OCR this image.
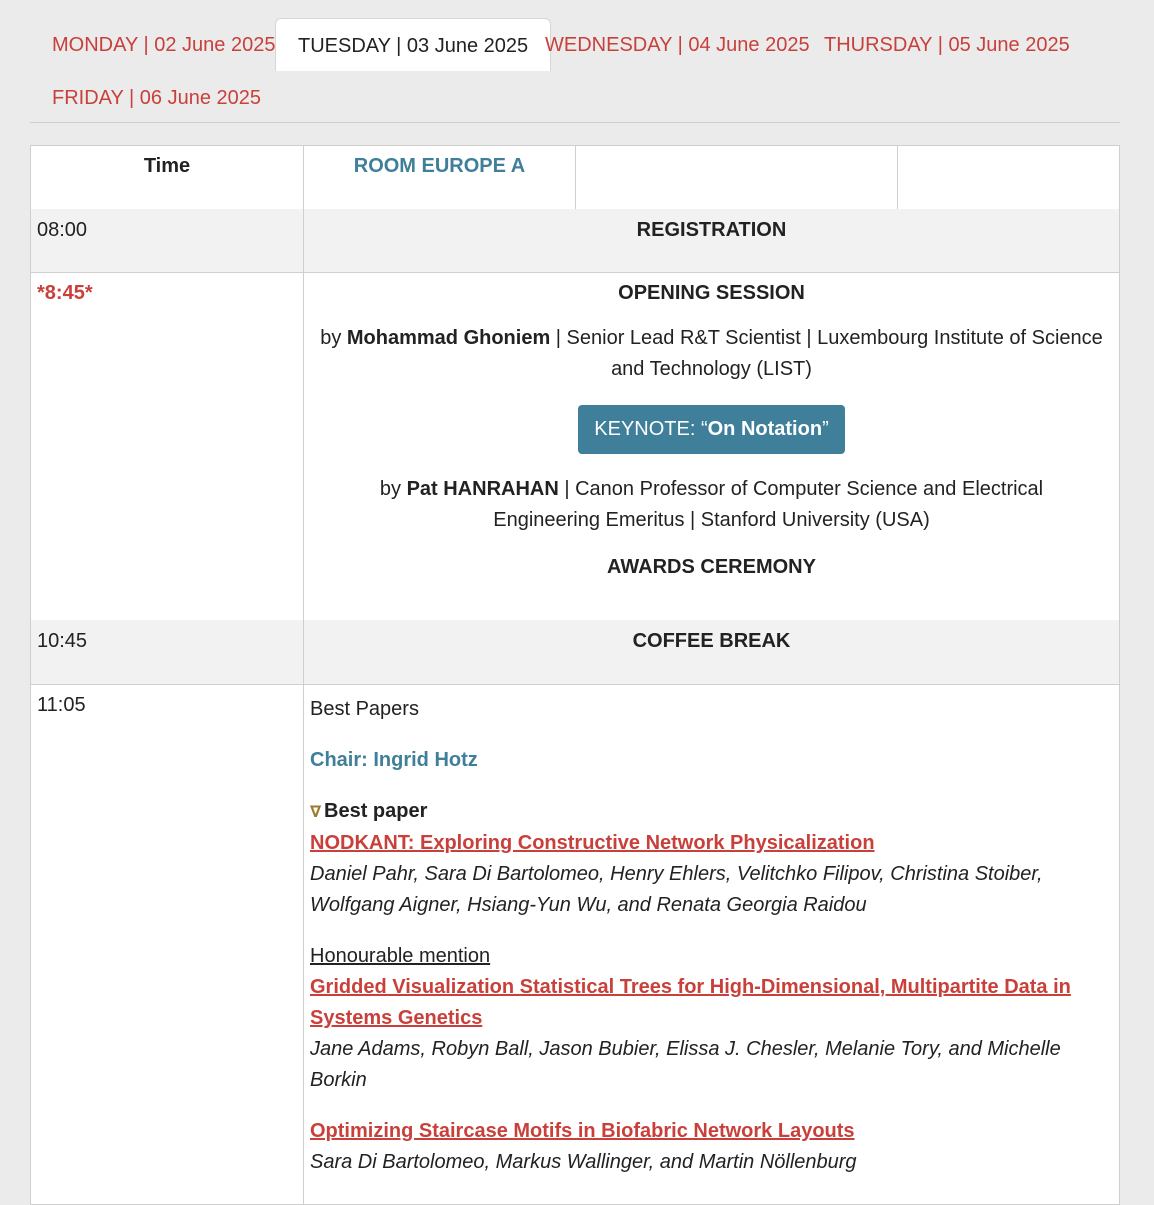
MONDAY | 02 June 2025	TUESDAY | 03 June 2025 WEDNESDAY | 04 June 2025 THURSDAY | 05 June 2025
FRIDAY | 06 June 2025
Time	ROOM EUROPE A
08:00	REGISTRATION
*8:45*	OPENING SESSION
by Mohammad Ghoniem | Senior Lead R&T Scientist | Luxembourg Institute of Science and Technology (LIST)
KEYNOTE: “On Notation”
by Pat HANRAHAN | Canon Professor of Computer Science and Electrical Engineering Emeritus | Stanford University (USA)
AWARDS CEREMONY
10:45	COFFEE BREAK
11:05	Best Papers
Chair: Ingrid Hotz
∇ Best paper
NODKANT: Exploring Constructive Network Physicalization
Daniel Pahr, Sara Di Bartolomeo, Henry Ehlers, Velitchko Filipov, Christina Stoiber, Wolfgang Aigner, Hsiang-Yun Wu, and Renata Georgia Raidou
Honourable mention
Gridded Visualization Statistical Trees for High-Dimensional, Multipartite Data in Systems Genetics
Jane Adams, Robyn Ball, Jason Bubier, Elissa J. Chesler, Melanie Tory, and Michelle Borkin
Optimizing Staircase Motifs in Biofabric Network Layouts
Sara Di Bartolomeo, Markus Wallinger, and Martin Nöllenburg
